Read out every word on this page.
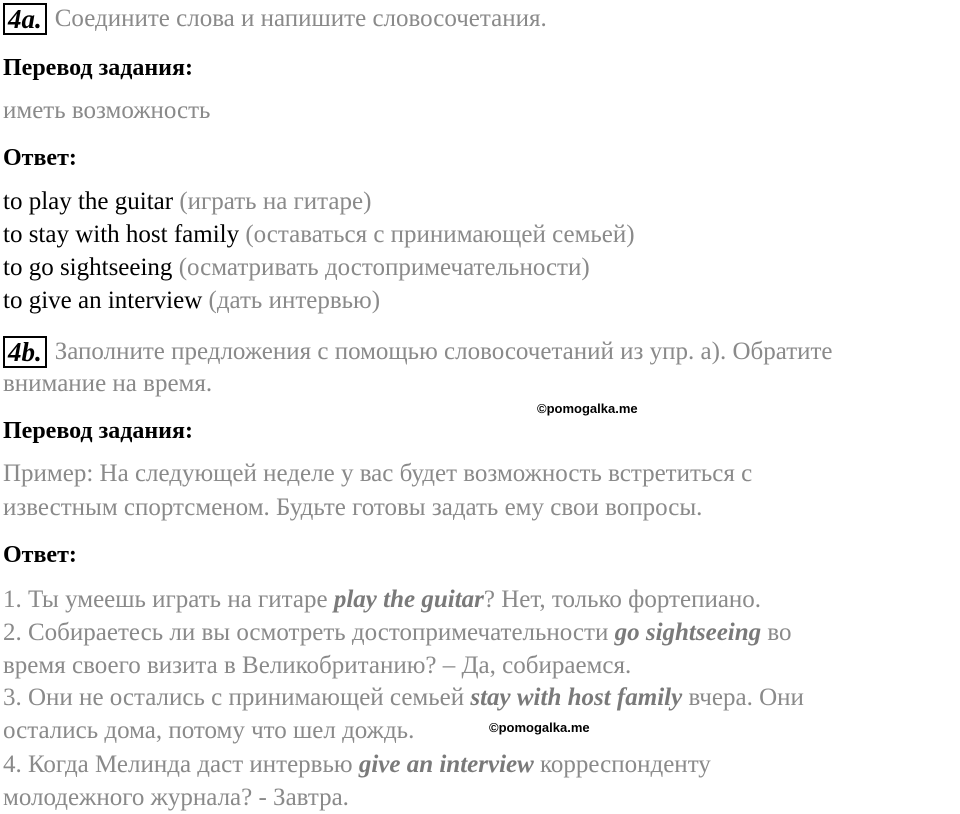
4a. Соедините слова и напишите словосочетания.
Перевод задания:
иметь возможность
Ответ:
to play the guitar (играть на гитаре)
to stay with host family (оставаться с принимающей семьей)
to go sightseeing (осматривать достопримечательности)
to give an interview (дать интервью)
4b. Заполните предложения с помощью словосочетаний из упр. а). Обратите
внимание на время.
©pomogalka.me
Перевод задания:
Пример: На следующей неделе у вас будет возможность встретиться с
известным спортсменом. Будьте готовы задать ему свои вопросы.
Ответ:
1. Ты умеешь играть на гитаре play the guitar? Нет, только фортепиано.
2. Собираетесь ли вы осмотреть достопримечательности go sightseeing во
время своего визита в Великобританию? – Да, собираемся.
3. Они не остались с принимающей семьей stay with host family вчера. Они
остались дома, потому что шел дождь.	©pomogalka.me
4. Когда Мелинда даст интервью give an interview корреспонденту
молодежного журнала? - Завтра.
